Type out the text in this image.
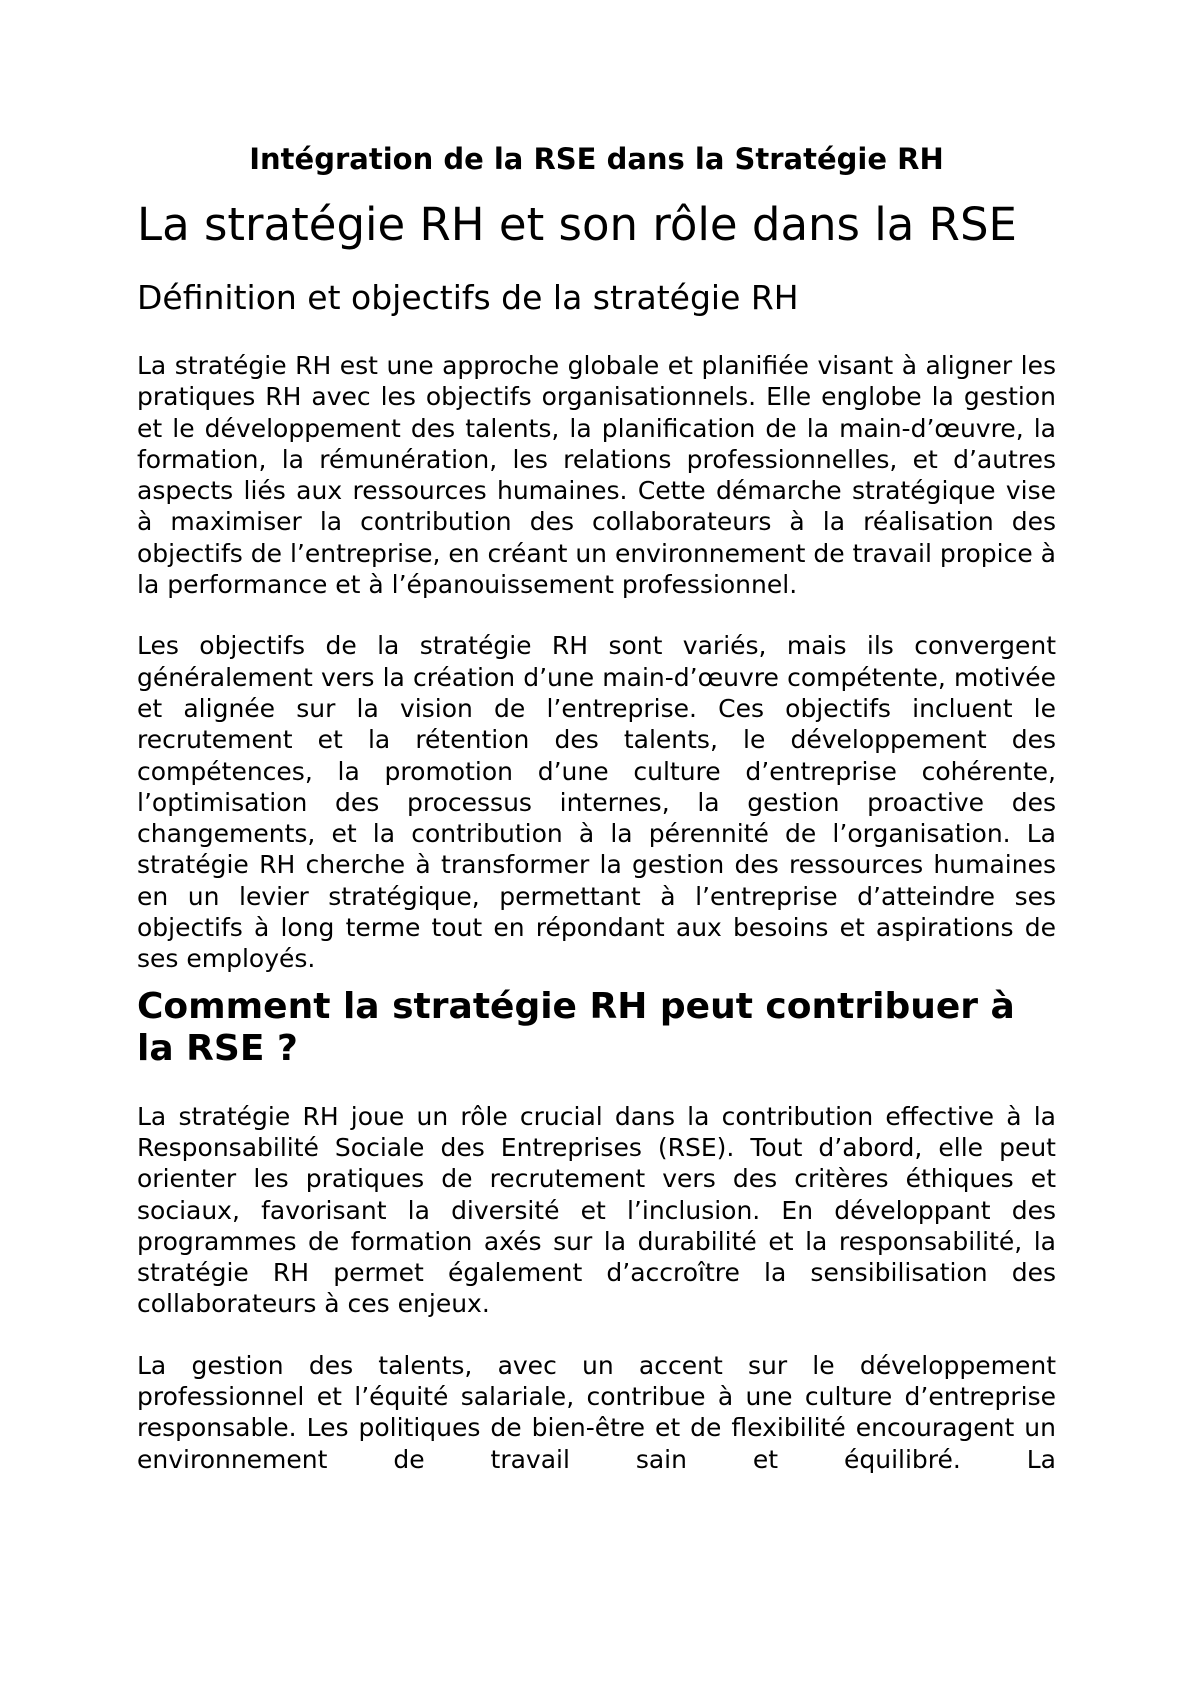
Intégration de la RSE dans la Stratégie RH

La stratégie RH et son rôle dans la RSE
Définition et objectifs de la stratégie RH

La stratégie RH est une approche globale et planifiée visant à aligner les pratiques RH avec les objectifs organisationnels. Elle englobe la gestion et le développement des talents, la planification de la main-d’œuvre, la formation, la rémunération, les relations professionnelles, et d’autres aspects liés aux ressources humaines. Cette démarche stratégique vise à maximiser la contribution des collaborateurs à la réalisation des objectifs de l’entreprise, en créant un environnement de travail propice à la performance et à l’épanouissement professionnel.

Les objectifs de la stratégie RH sont variés, mais ils convergent généralement vers la création d’une main-d’œuvre compétente, motivée et alignée sur la vision de l’entreprise. Ces objectifs incluent le recrutement et la rétention des talents, le développement des compétences, la promotion d’une culture d’entreprise cohérente, l’optimisation des processus internes, la gestion proactive des changements, et la contribution à la pérennité de l’organisation. La stratégie RH cherche à transformer la gestion des ressources humaines en un levier stratégique, permettant à l’entreprise d’atteindre ses objectifs à long terme tout en répondant aux besoins et aspirations de ses employés.

Comment la stratégie RH peut contribuer à la RSE ?

La stratégie RH joue un rôle crucial dans la contribution effective à la Responsabilité Sociale des Entreprises (RSE). Tout d’abord, elle peut orienter les pratiques de recrutement vers des critères éthiques et sociaux, favorisant la diversité et l’inclusion. En développant des programmes de formation axés sur la durabilité et la responsabilité, la stratégie RH permet également d’accroître la sensibilisation des collaborateurs à ces enjeux.

La gestion des talents, avec un accent sur le développement professionnel et l’équité salariale, contribue à une culture d’entreprise responsable. Les politiques de bien-être et de flexibilité encouragent un environnement de travail sain et équilibré. La
